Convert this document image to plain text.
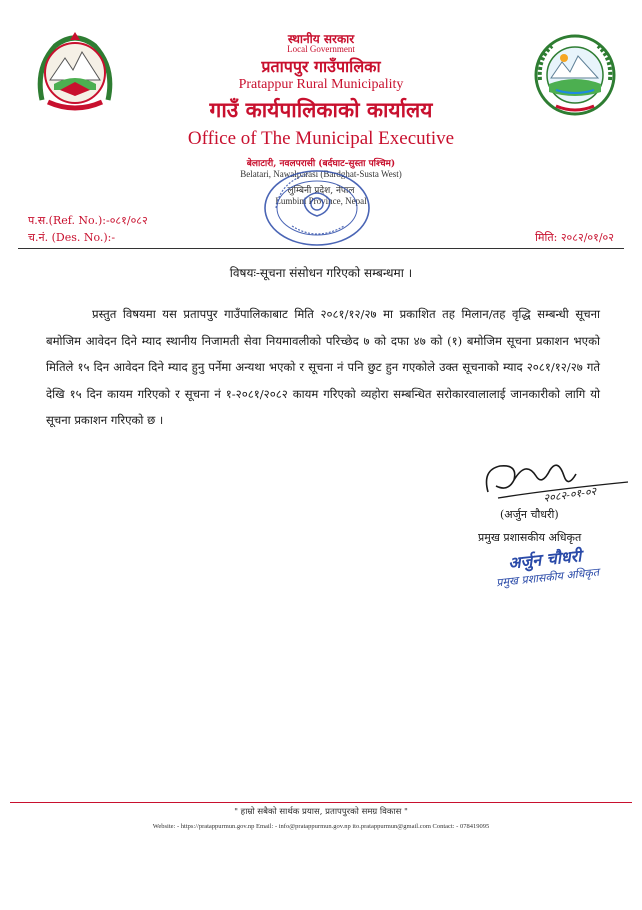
स्थानीय सरकार
Local Government
प्रतापपुर गाउँपालिका
Pratappur Rural Municipality
गाउँ कार्यपालिकाको कार्यालय
Office of The Municipal Executive
बेलाटारी, नवलपरासी (बर्दघाट-सुस्ता पश्चिम)
Belatari, Nawalparasi (Bardghat-Susta West)
लुम्बिनी प्रदेश, नेपाल
Lumbini Province, Nepal
प.स.(Ref. No.):-०८१/०८२
च.नं. (Des. No.):-	मिति: २०८२/०१/०२
विषयः-सूचना संसोधन गरिएको सम्बन्धमा ।
प्रस्तुत विषयमा यस प्रतापपुर गाउँपालिकाबाट मिति २०८१/१२/२७ मा प्रकाशित तह मिलान/तह वृद्धि सम्बन्धी सूचना बमोजिम आवेदन दिने म्याद स्थानीय निजामती सेवा नियमावलीको परिच्छेद ७ को दफा ४७ को (१) बमोजिम सूचना प्रकाशन भएको मितिले १५ दिन आवेदन दिने म्याद हुनु पर्नेमा अन्यथा भएको र सूचना नं पनि छुट हुन गएकोले उक्त सूचनाको म्याद २०८१/१२/२७ गते देखि १५ दिन कायम गरिएको र सूचना नं १-२०८१/२०८२ कायम गरिएको व्यहोरा सम्बन्धित सरोकारवालालाई जानकारीको लागि यो सूचना प्रकाशन गरिएको छ ।
२०८२-०१-०२
(अर्जुन चौधरी)
प्रमुख प्रशासकीय अधिकृत
अर्जुन चौधरी
प्रमुख प्रशासकीय अधिकृत
" हाम्रो सबैको सार्थक प्रयास, प्रतापपुरको समग्र विकास "
Website: - https://pratappurmun.gov.np Email: - info@pratappurmun.gov.np ito.pratappurmun@gmail.com Contact: - 078419095
